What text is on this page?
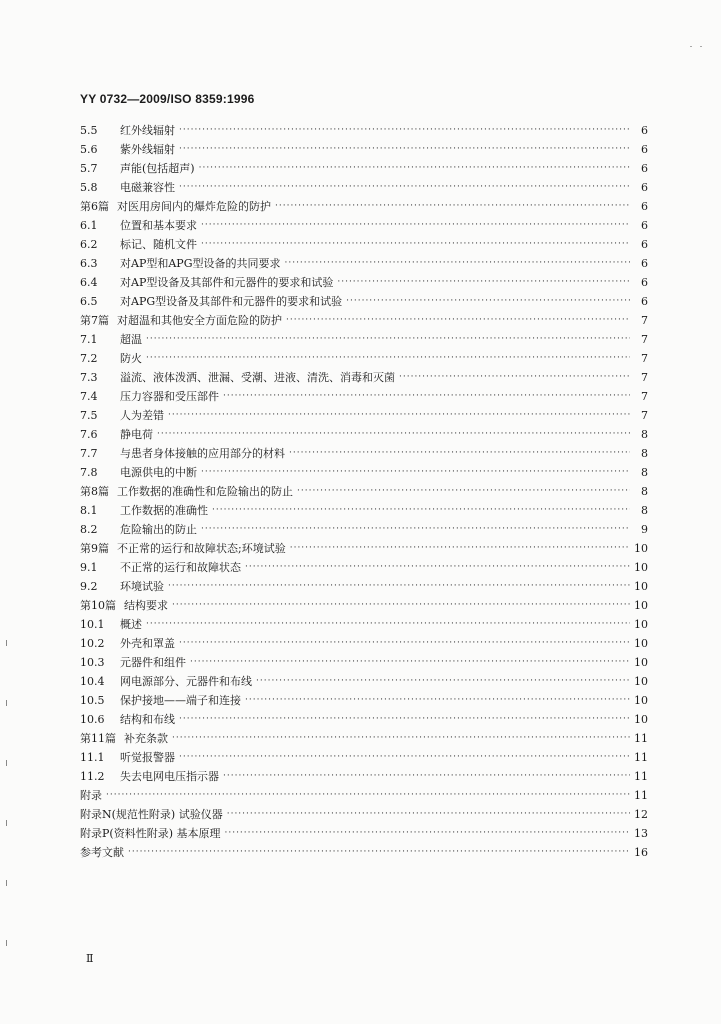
YY 0732—2009/ISO 8359:1996
5.5	红外线辐射 ·····	6
5.6	紫外线辐射 ·····	6
5.7	声能(包括超声) ·····	6
5.8	电磁兼容性 ·····	6
第6篇 对医用房间内的爆炸危险的防护 ·····	6
6.1	位置和基本要求 ·····	6
6.2	标记、随机文件 ·····	6
6.3	对AP型和APG型设备的共同要求 ·····	6
6.4	对AP型设备及其部件和元器件的要求和试验 ·····	6
6.5	对APG型设备及其部件和元器件的要求和试验 ·····	6
第7篇 对超温和其他安全方面危险的防护 ·····	7
7.1	超温 ·····	7
7.2	防火 ·····	7
7.3	溢流、液体泼洒、泄漏、受潮、进液、清洗、消毒和灭菌 ·····	7
7.4	压力容器和受压部件 ·····	7
7.5	人为差错 ·····	7
7.6	静电荷 ·····	8
7.7	与患者身体接触的应用部分的材料 ·····	8
7.8	电源供电的中断 ·····	8
第8篇 工作数据的准确性和危险输出的防止 ·····	8
8.1	工作数据的准确性 ·····	8
8.2	危险输出的防止 ·····	9
第9篇 不正常的运行和故障状态;环境试验 ·····	10
9.1	不正常的运行和故障状态 ·····	10
9.2	环境试验 ·····	10
第10篇 结构要求 ·····	10
10.1	概述 ·····	10
10.2	外壳和罩盖 ·····	10
10.3	元器件和组件 ·····	10
10.4	网电源部分、元器件和布线 ·····	10
10.5	保护接地——端子和连接 ·····	10
10.6	结构和布线 ·····	10
第11篇 补充条款 ·····	11
11.1	听觉报警器 ·····	11
11.2	失去电网电压指示器 ·····	11
附录 ·····	11
附录N(规范性附录) 试验仪器 ·····	12
附录P(资料性附录) 基本原理 ·····	13
参考文献 ·····	16
Ⅱ
